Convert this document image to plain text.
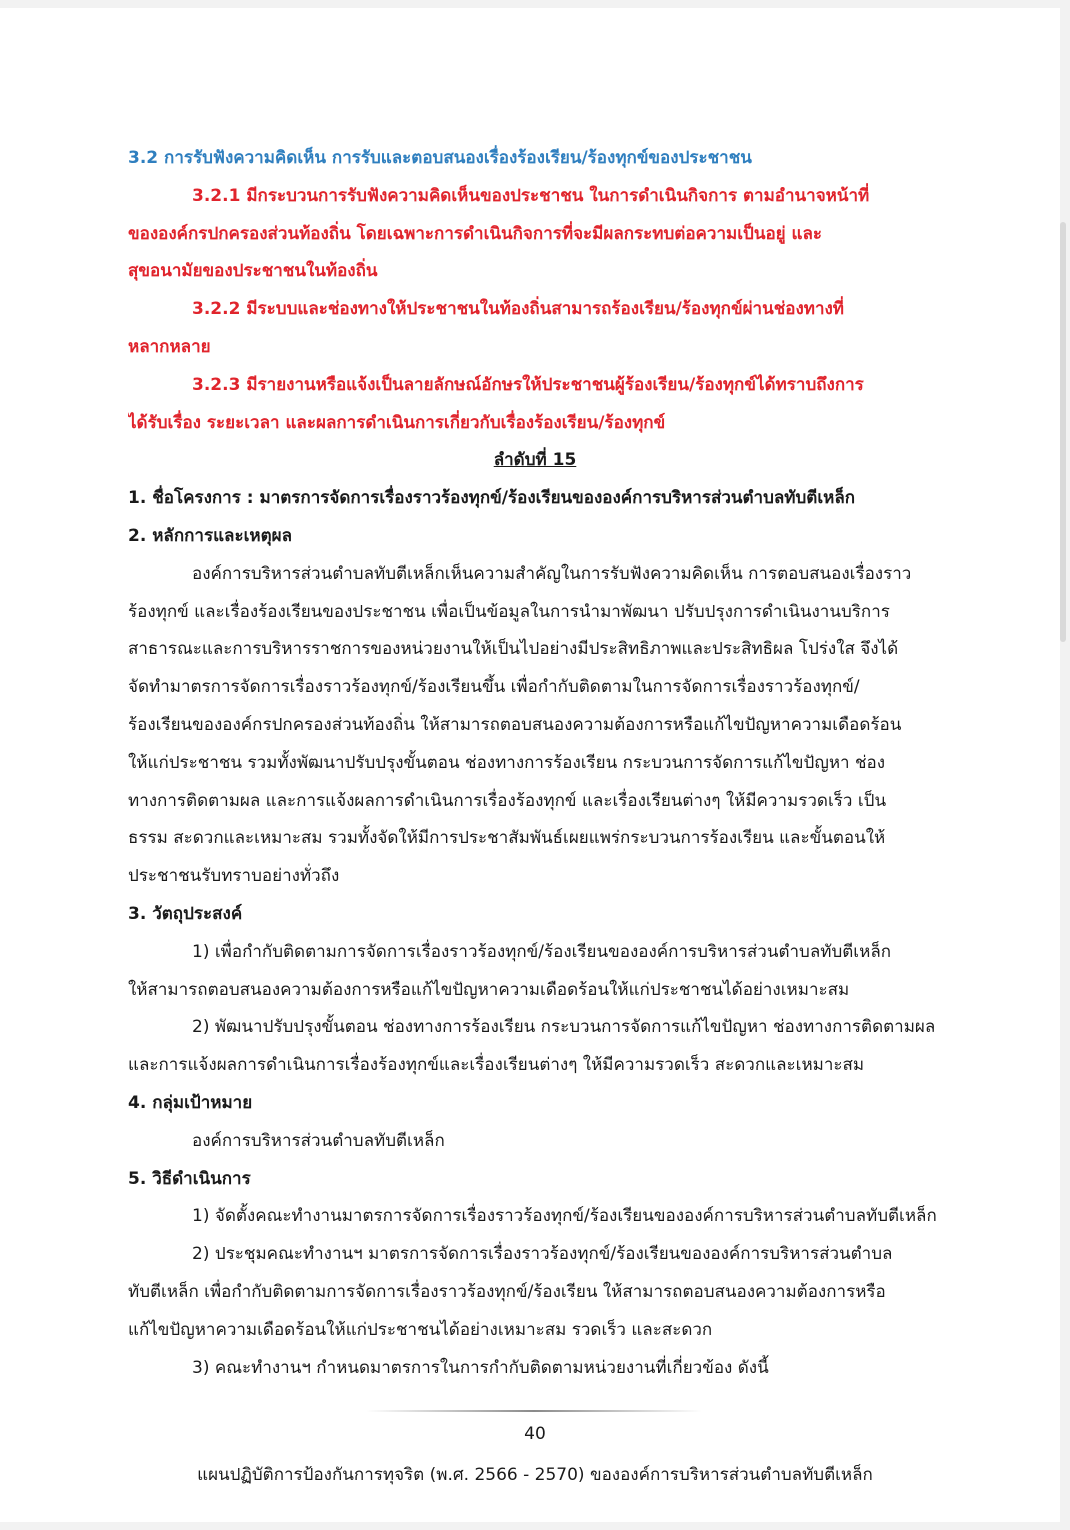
3.2 การรับฟังความคิดเห็น การรับและตอบสนองเรื่องร้องเรียน/ร้องทุกข์ของประชาชน
3.2.1 มีกระบวนการรับฟังความคิดเห็นของประชาชน ในการดำเนินกิจการ ตามอำนาจหน้าที่
ขององค์กรปกครองส่วนท้องถิ่น โดยเฉพาะการดำเนินกิจการที่จะมีผลกระทบต่อความเป็นอยู่ และ
สุขอนามัยของประชาชนในท้องถิ่น
3.2.2 มีระบบและช่องทางให้ประชาชนในท้องถิ่นสามารถร้องเรียน/ร้องทุกข์ผ่านช่องทางที่
หลากหลาย
3.2.3 มีรายงานหรือแจ้งเป็นลายลักษณ์อักษรให้ประชาชนผู้ร้องเรียน/ร้องทุกข์ได้ทราบถึงการ
ได้รับเรื่อง ระยะเวลา และผลการดำเนินการเกี่ยวกับเรื่องร้องเรียน/ร้องทุกข์
ลำดับที่ 15
1. ชื่อโครงการ : มาตรการจัดการเรื่องราวร้องทุกข์/ร้องเรียนขององค์การบริหารส่วนตำบลทับตีเหล็ก
2. หลักการและเหตุผล
องค์การบริหารส่วนตำบลทับตีเหล็กเห็นความสำคัญในการรับฟังความคิดเห็น การตอบสนองเรื่องราว
ร้องทุกข์ และเรื่องร้องเรียนของประชาชน เพื่อเป็นข้อมูลในการนำมาพัฒนา ปรับปรุงการดำเนินงานบริการ
สาธารณะและการบริหารราชการของหน่วยงานให้เป็นไปอย่างมีประสิทธิภาพและประสิทธิผล โปร่งใส จึงได้
จัดทำมาตรการจัดการเรื่องราวร้องทุกข์/ร้องเรียนขึ้น เพื่อกำกับติดตามในการจัดการเรื่องราวร้องทุกข์/
ร้องเรียนขององค์กรปกครองส่วนท้องถิ่น ให้สามารถตอบสนองความต้องการหรือแก้ไขปัญหาความเดือดร้อน
ให้แก่ประชาชน รวมทั้งพัฒนาปรับปรุงขั้นตอน ช่องทางการร้องเรียน กระบวนการจัดการแก้ไขปัญหา ช่อง
ทางการติดตามผล และการแจ้งผลการดำเนินการเรื่องร้องทุกข์ และเรื่องเรียนต่างๆ ให้มีความรวดเร็ว เป็น
ธรรม สะดวกและเหมาะสม รวมทั้งจัดให้มีการประชาสัมพันธ์เผยแพร่กระบวนการร้องเรียน และขั้นตอนให้
ประชาชนรับทราบอย่างทั่วถึง
3. วัตถุประสงค์
1) เพื่อกำกับติดตามการจัดการเรื่องราวร้องทุกข์/ร้องเรียนขององค์การบริหารส่วนตำบลทับตีเหล็ก
ให้สามารถตอบสนองความต้องการหรือแก้ไขปัญหาความเดือดร้อนให้แก่ประชาชนได้อย่างเหมาะสม
2) พัฒนาปรับปรุงขั้นตอน ช่องทางการร้องเรียน กระบวนการจัดการแก้ไขปัญหา ช่องทางการติดตามผล
และการแจ้งผลการดำเนินการเรื่องร้องทุกข์และเรื่องเรียนต่างๆ ให้มีความรวดเร็ว สะดวกและเหมาะสม
4. กลุ่มเป้าหมาย
องค์การบริหารส่วนตำบลทับตีเหล็ก
5. วิธีดำเนินการ
1) จัดตั้งคณะทำงานมาตรการจัดการเรื่องราวร้องทุกข์/ร้องเรียนขององค์การบริหารส่วนตำบลทับตีเหล็ก
2) ประชุมคณะทำงานฯ มาตรการจัดการเรื่องราวร้องทุกข์/ร้องเรียนขององค์การบริหารส่วนตำบล
ทับตีเหล็ก เพื่อกำกับติดตามการจัดการเรื่องราวร้องทุกข์/ร้องเรียน ให้สามารถตอบสนองความต้องการหรือ
แก้ไขปัญหาความเดือดร้อนให้แก่ประชาชนได้อย่างเหมาะสม รวดเร็ว และสะดวก
3) คณะทำงานฯ กำหนดมาตรการในการกำกับติดตามหน่วยงานที่เกี่ยวข้อง ดังนี้
40
แผนปฏิบัติการป้องกันการทุจริต (พ.ศ. 2566 - 2570) ขององค์การบริหารส่วนตำบลทับตีเหล็ก
